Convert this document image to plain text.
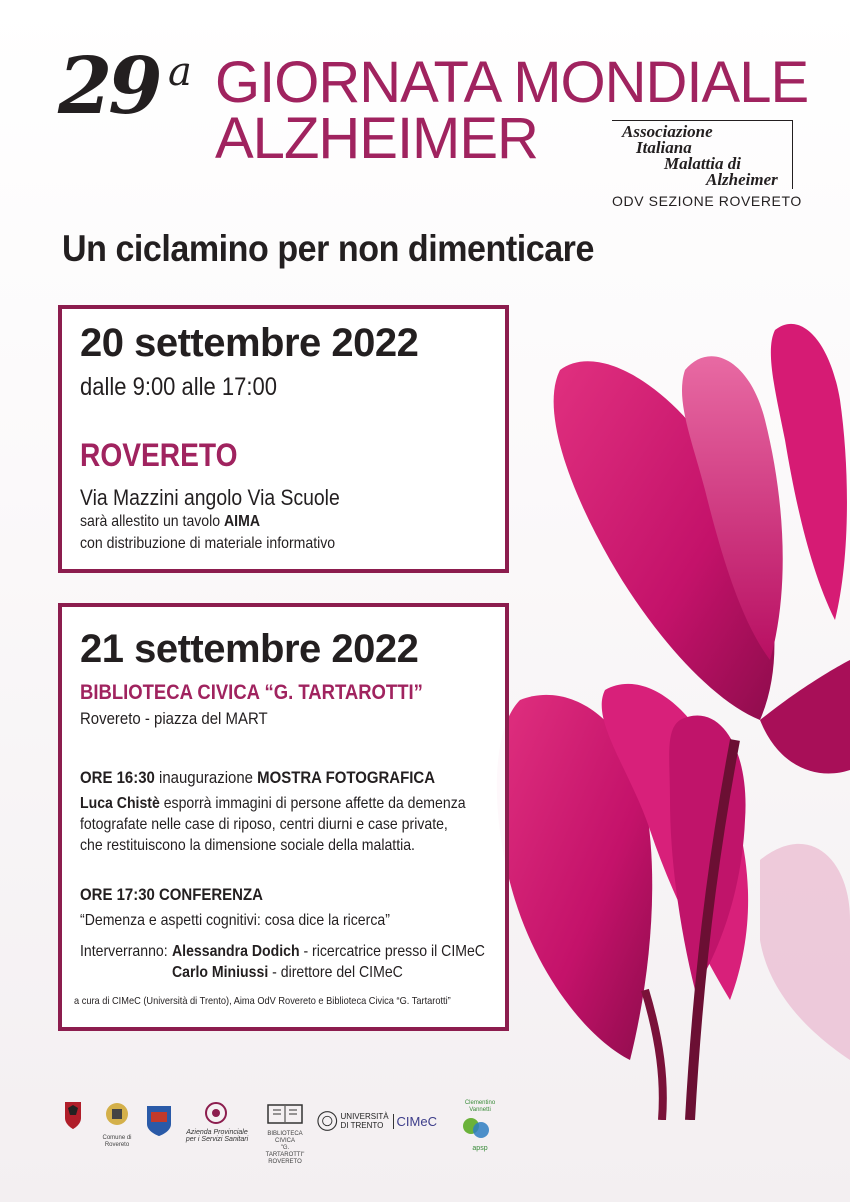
29 a GIORNATA MONDIALE
ALZHEIMER	Associazione
Italiana
Malattia di
Alzheimer
ODV SEZIONE ROVERETO
Un ciclamino per non dimenticare
20 settembre 2022
dalle 9:00 alle 17:00
ROVERETO
Via Mazzini angolo Via Scuole
sarà allestito un tavolo AIMA
con distribuzione di materiale informativo
21 settembre 2022
BIBLIOTECA CIVICA “G. TARTAROTTI”
Rovereto - piazza del MART
ORE 16:30 inaugurazione MOSTRA FOTOGRAFICA
Luca Chistè esporrà immagini di persone affette da demenza
fotografate nelle case di riposo, centri diurni e case private,
che restituiscono la dimensione sociale della malattia.
ORE 17:30 CONFERENZA
“Demenza e aspetti cognitivi: cosa dice la ricerca”
Interverranno: Alessandra Dodich - ricercatrice presso il CIMeC
Carlo Miniussi - direttore del CIMeC
a cura di CIMeC (Università di Trento), Aima OdV Rovereto e Biblioteca Civica “G. Tartarotti”
Comune di Rovereto
Azienda Provinciale
per i Servizi Sanitari
BIBLIOTECA CIVICA
"G. TARTAROTTI"
ROVERETO
UNIVERSITÀ
DI TRENTO	CIMeC
Clementino Vannetti
apsp
